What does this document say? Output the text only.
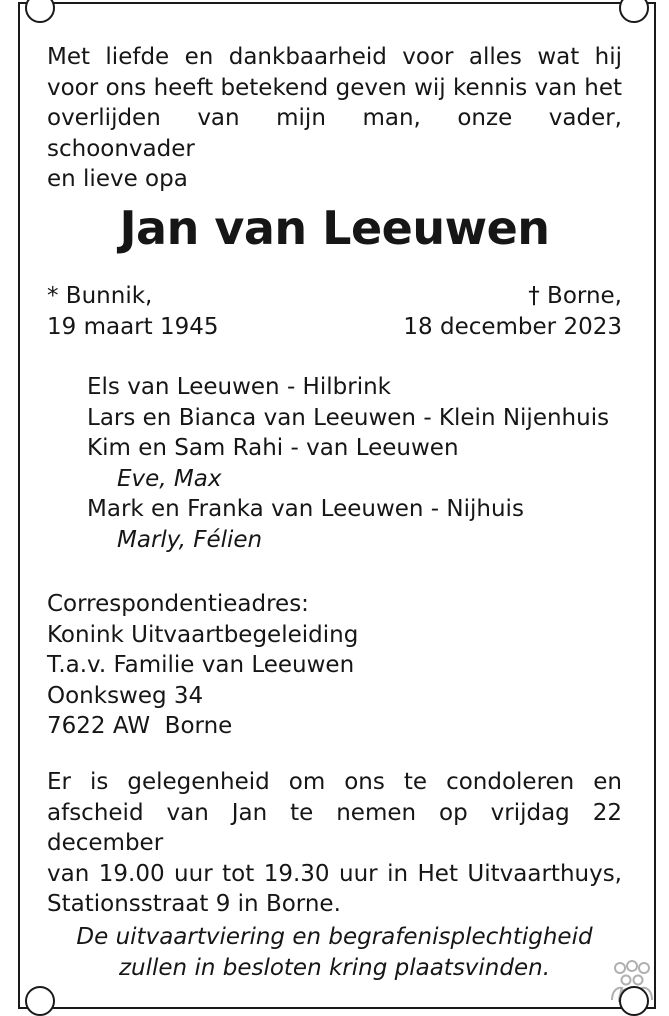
Met liefde en dankbaarheid voor alles wat hij
voor ons heeft betekend geven wij kennis van het
overlijden van mijn man, onze vader, schoonvader
en lieve opa
Jan van Leeuwen
* Bunnik,
19 maart 1945
† Borne,
18 december 2023
Els van Leeuwen - Hilbrink
Lars en Bianca van Leeuwen - Klein Nijenhuis
Kim en Sam Rahi - van Leeuwen
Eve, Max
Mark en Franka van Leeuwen - Nijhuis
Marly, Félien
Correspondentieadres:
Konink Uitvaartbegeleiding
T.a.v. Familie van Leeuwen
Oonksweg 34
7622 AW  Borne
Er is gelegenheid om ons te condoleren en
afscheid van Jan te nemen op vrijdag 22 december
van 19.00 uur tot 19.30 uur in Het Uitvaarthuys,
Stationsstraat 9 in Borne.
De uitvaartviering en begrafenisplechtigheid
zullen in besloten kring plaatsvinden.
